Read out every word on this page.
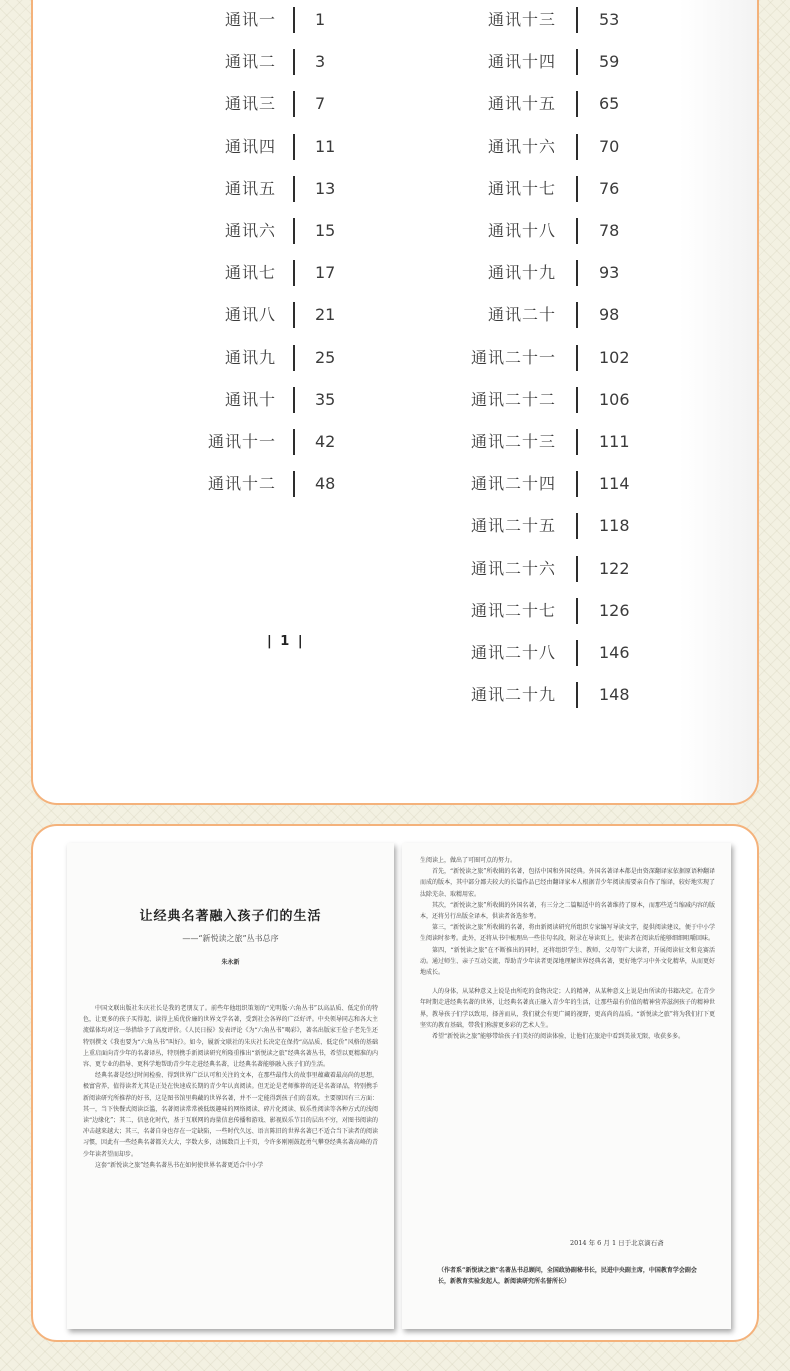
通讯一 1
通讯二 3
通讯三 7
通讯四 11
通讯五 13
通讯六 15
通讯七 17
通讯八 21
通讯九 25
通讯十 35
通讯十一 42
通讯十二 48
通讯十三	53
通讯十四	59
通讯十五	65
通讯十六	70
通讯十七	76
通讯十八	78
通讯十九	93
通讯二十	98
通讯二十一	102
通讯二十二	106
通讯二十三	111
通讯二十四	114
通讯二十五	118
通讯二十六	122
通讯二十七	126
通讯二十八	146
通讯二十九	148
| 1 |
让经典名著融入孩子们的生活
——“新悦读之旅”丛书总序
朱永新

中国文联出版社朱庆社长是我的老朋友了。前些年他组织策划的“光明版·六角丛书”以高品质、低定价的特色，让更多的孩子买得起、读得上质优价廉的世界文学名著，受到社会各界的广泛好评。中央领导同志和各大主流媒体均对这一举措给予了高度评价。《人民日报》发表评论《为“六角丛书”喝彩》，著名出版家王俭子老先生还特别撰文《我也要为“六角丛书”叫好》。如今，履新文联社的朱庆社长决定在保持“高品质、低定价”风格的基础上重启面向青少年的名著译丛，特别携手新阅读研究所隆重推出“新悦读之旅”经典名著丛书，希望以更精准的内容、更专业的指导、更科学地帮助青少年走进经典名著，让经典名著能够融入孩子们的生活。

经典名著是经过时间检验、得到世界广泛认可和关注的文本，在那些最伟大的故事里蕴藏着最高尚的思想，极富营养，值得读者尤其是正处在快速成长期的青少年认真阅读。但无论是老师推荐的还是名著译品，特别携手新阅读研究所推荐的好书，这是图书馆里典藏的世界名著，并不一定能得到孩子们的喜欢。主要原因有三方面：其一，当下快餐式阅读泛滥，名著阅读常常被低级趣味的网络阅读、碎片化阅读、娱乐性阅读等各种方式的浅阅读“边缘化”；其二，信息化时代，基于互联网的海量信息传播和游戏、影视娱乐节目的层出不穷，对图书阅读的冲击越来越大；其三，名著自身也存在一定缺陷，一些时代久远、语言陈旧的世界名著已不适合当下读者的阅读习惯，因此有一些经典名著都关大大，字数大多，动辄数百上千页，令许多刚刚鼓起勇气攀登经典名著高峰的青少年读者望而却步。

这套“新悦读之旅”经典名著丛书在如何使世界名著更适合中小学

生阅读上，做出了可圈可点的努力。

首先，“新悦读之旅”所收辑的名著，包括中国和外国经典。外国名著译本都是由资深翻译家依据原语种翻译而成的版本，其中部分鄙夫较大的长篇作品已经由翻译家本人根据青少年阅读需要亲自作了缩译，较好地实现了汰除芜杂、取精用宏。

其次，“新悦读之旅”所收辑的外国名著，有三分之二篇幅适中的名著维持了原本，而那些适当缩减内容的版本，还将另行出版全译本，供读者备选参考。

第三，“新悦读之旅”所收辑的名著，将由新阅读研究所组织专家编写导读文字，提供阅读建议，便于中小学生阅读时参考。此外，还将从书中梳理出一些佳句名段，附录在导读页上，使读者在阅读后能够细细咀嚼回味。

第四，“新悦读之旅”在不断推出的同时，还将组织学生、教师、父母等广大读者，开展阅读征文和竞赛活动。通过师生、亲子互动交流，帮助青少年读者更深地理解世界经典名著，更好地学习中外文化精华，从而更好地成长。

人的身体，从某种意义上说是由所吃的食物决定；人的精神，从某种意义上说是由所读的书籍决定。在青少年时期走进经典名著的世界，让经典名著真正融入青少年的生活，让那些最有价值的精神营养滋润孩子的精神世界，教导孩子们学以致用，择善而从，我们就会有更广阔的视野，更高尚的品质。“新悦读之旅”将为我们打下更坚实的教育基础，带我们称游更多彩的艺术人生。

希望“新悦读之旅”能够带给孩子们美好的阅读体验，让他们在旅途中看到美景无限，收获多多。

2014 年 6 月 1 日于北京滴石斋

（作者系“新悦读之旅”名著丛书总顾问，全国政协副秘书长，民进中央副主席，中国教育学会副会长，新教育实验发起人，新阅读研究所名誉所长）
